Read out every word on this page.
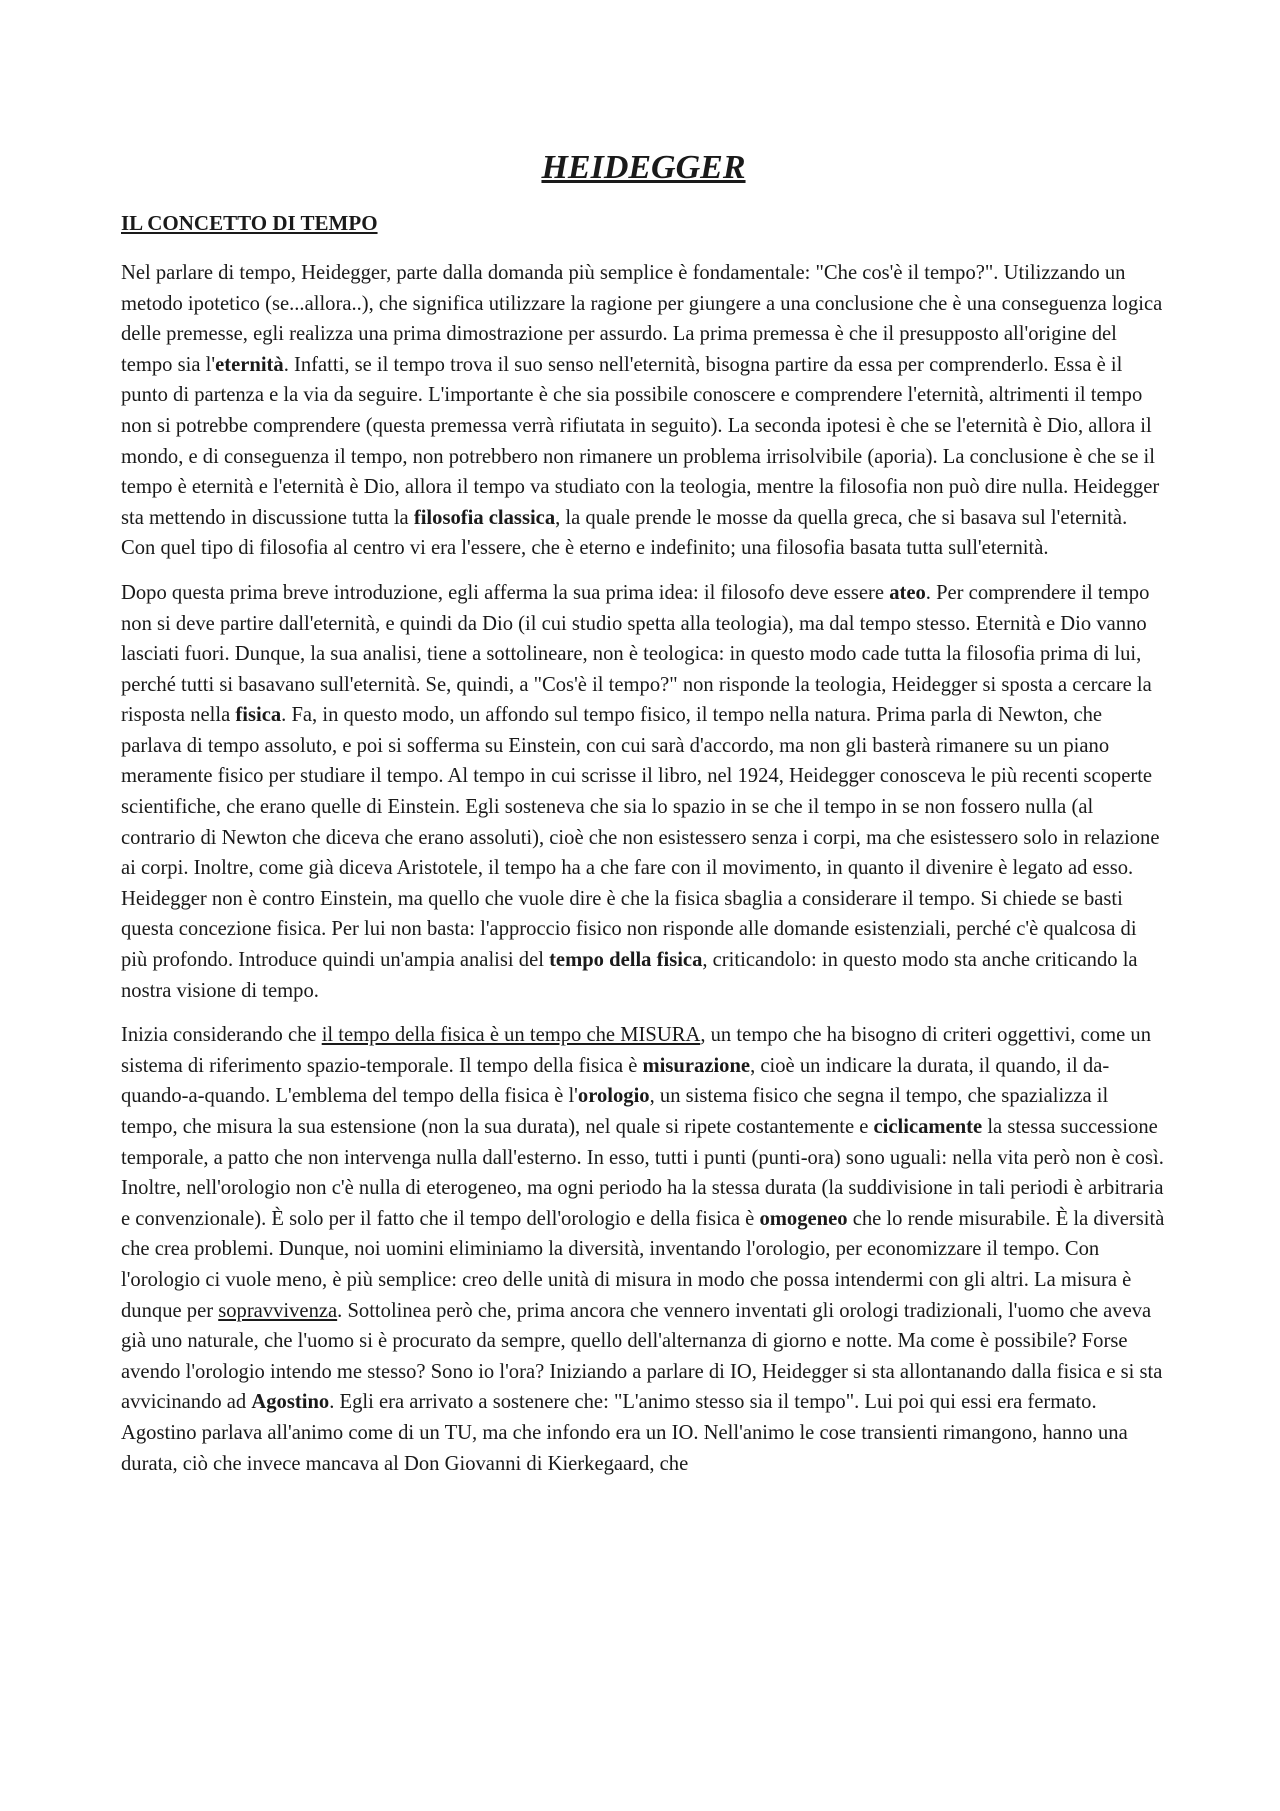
HEIDEGGER
IL CONCETTO DI TEMPO

Nel parlare di tempo, Heidegger, parte dalla domanda più semplice è fondamentale: "Che cos'è il tempo?". Utilizzando un metodo ipotetico (se...allora..), che significa utilizzare la ragione per giungere a una conclusione che è una conseguenza logica delle premesse, egli realizza una prima dimostrazione per assurdo. La prima premessa è che il presupposto all'origine del tempo sia l'eternità. Infatti, se il tempo trova il suo senso nell'eternità, bisogna partire da essa per comprenderlo. Essa è il punto di partenza e la via da seguire. L'importante è che sia possibile conoscere e comprendere l'eternità, altrimenti il tempo non si potrebbe comprendere (questa premessa verrà rifiutata in seguito). La seconda ipotesi è che se l'eternità è Dio, allora il mondo, e di conseguenza il tempo, non potrebbero non rimanere un problema irrisolvibile (aporia). La conclusione è che se il tempo è eternità e l'eternità è Dio, allora il tempo va studiato con la teologia, mentre la filosofia non può dire nulla. Heidegger sta mettendo in discussione tutta la filosofia classica, la quale prende le mosse da quella greca, che si basava sul l'eternità. Con quel tipo di filosofia al centro vi era l'essere, che è eterno e indefinito; una filosofia basata tutta sull'eternità.

Dopo questa prima breve introduzione, egli afferma la sua prima idea: il filosofo deve essere ateo. Per comprendere il tempo non si deve partire dall'eternità, e quindi da Dio (il cui studio spetta alla teologia), ma dal tempo stesso. Eternità e Dio vanno lasciati fuori. Dunque, la sua analisi, tiene a sottolineare, non è teologica: in questo modo cade tutta la filosofia prima di lui, perché tutti si basavano sull'eternità. Se, quindi, a "Cos'è il tempo?" non risponde la teologia, Heidegger si sposta a cercare la risposta nella fisica. Fa, in questo modo, un affondo sul tempo fisico, il tempo nella natura. Prima parla di Newton, che parlava di tempo assoluto, e poi si sofferma su Einstein, con cui sarà d'accordo, ma non gli basterà rimanere su un piano meramente fisico per studiare il tempo. Al tempo in cui scrisse il libro, nel 1924, Heidegger conosceva le più recenti scoperte scientifiche, che erano quelle di Einstein. Egli sosteneva che sia lo spazio in se che il tempo in se non fossero nulla (al contrario di Newton che diceva che erano assoluti), cioè che non esistessero senza i corpi, ma che esistessero solo in relazione ai corpi. Inoltre, come già diceva Aristotele, il tempo ha a che fare con il movimento, in quanto il divenire è legato ad esso. Heidegger non è contro Einstein, ma quello che vuole dire è che la fisica sbaglia a considerare il tempo. Si chiede se basti questa concezione fisica. Per lui non basta: l'approccio fisico non risponde alle domande esistenziali, perché c'è qualcosa di più profondo. Introduce quindi un'ampia analisi del tempo della fisica, criticandolo: in questo modo sta anche criticando la nostra visione di tempo.

Inizia considerando che il tempo della fisica è un tempo che MISURA, un tempo che ha bisogno di criteri oggettivi, come un sistema di riferimento spazio-temporale. Il tempo della fisica è misurazione, cioè un indicare la durata, il quando, il da-quando-a-quando. L'emblema del tempo della fisica è l'orologio, un sistema fisico che segna il tempo, che spazializza il tempo, che misura la sua estensione (non la sua durata), nel quale si ripete costantemente e ciclicamente la stessa successione temporale, a patto che non intervenga nulla dall'esterno. In esso, tutti i punti (punti-ora) sono uguali: nella vita però non è così. Inoltre, nell'orologio non c'è nulla di eterogeneo, ma ogni periodo ha la stessa durata (la suddivisione in tali periodi è arbitraria e convenzionale). È solo per il fatto che il tempo dell'orologio e della fisica è omogeneo che lo rende misurabile. È la diversità che crea problemi. Dunque, noi uomini eliminiamo la diversità, inventando l'orologio, per economizzare il tempo. Con l'orologio ci vuole meno, è più semplice: creo delle unità di misura in modo che possa intendermi con gli altri. La misura è dunque per sopravvivenza. Sottolinea però che, prima ancora che vennero inventati gli orologi tradizionali, l'uomo che aveva già uno naturale, che l'uomo si è procurato da sempre, quello dell'alternanza di giorno e notte. Ma come è possibile? Forse avendo l'orologio intendo me stesso? Sono io l'ora? Iniziando a parlare di IO, Heidegger si sta allontanando dalla fisica e si sta avvicinando ad Agostino. Egli era arrivato a sostenere che: "L'animo stesso sia il tempo". Lui poi qui essi era fermato. Agostino parlava all'animo come di un TU, ma che infondo era un IO. Nell'animo le cose transienti rimangono, hanno una durata, ciò che invece mancava al Don Giovanni di Kierkegaard, che
